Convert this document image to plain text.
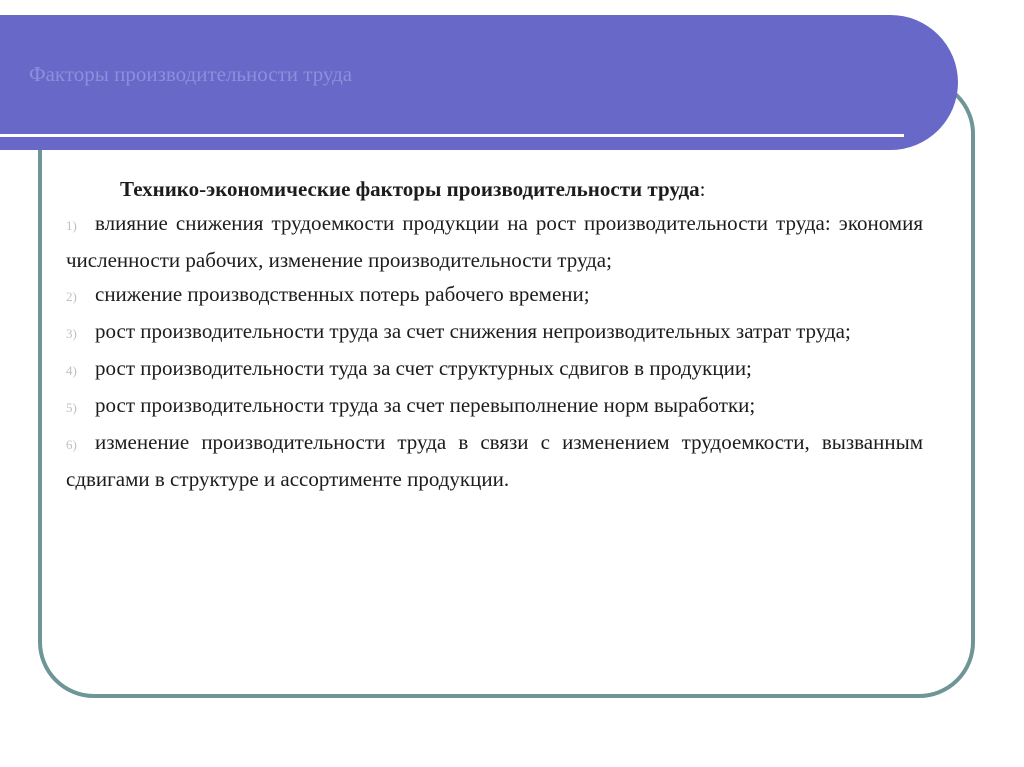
Факторы производительности труда

Технико-экономические факторы производительности труда:

1) влияние снижения трудоемкости продукции на рост производительности труда: экономия численности рабочих, изменение производительности труда;

2) снижение производственных потерь рабочего времени;

3) рост производительности труда за счет снижения непроизводительных затрат труда;

4) рост производительности туда за счет структурных сдвигов в продукции;

5) рост производительности труда за счет перевыполнение норм выработки;

6) изменение производительности труда в связи с изменением трудоемкости, вызванным сдвигами в структуре и ассортименте продукции.
